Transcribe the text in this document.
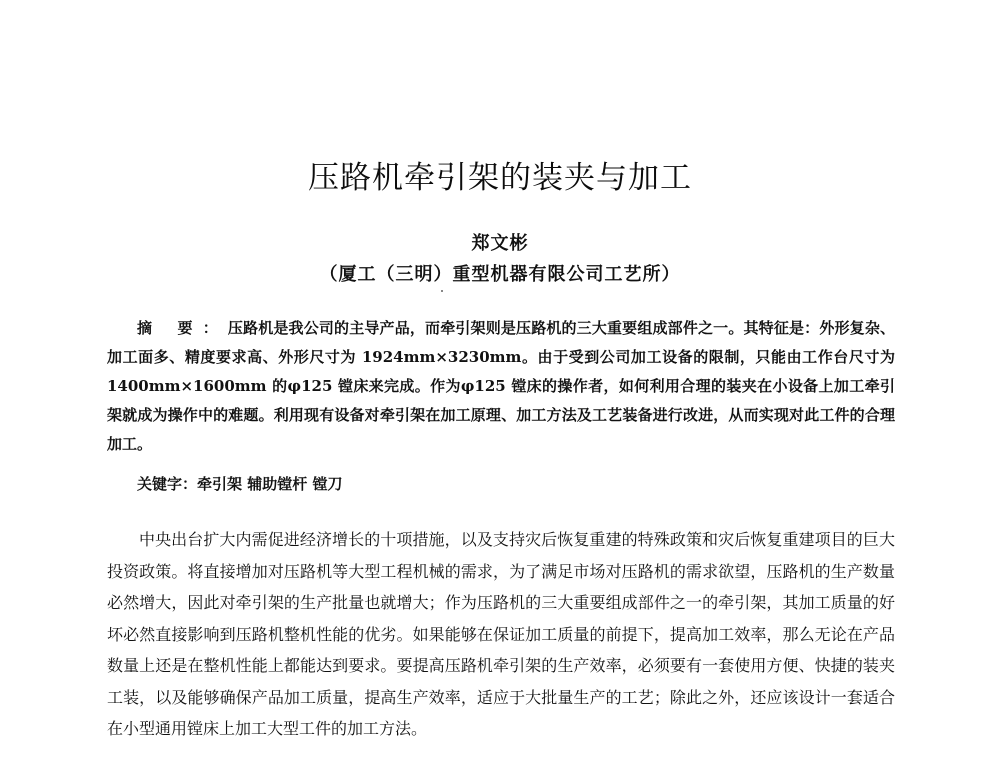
压路机牵引架的装夹与加工
郑文彬
（厦工（三明）重型机器有限公司工艺所）
摘 要：压路机是我公司的主导产品，而牵引架则是压路机的三大重要组成部件之一。其特征是：外形复杂、加工面多、精度要求高、外形尺寸为 1924mm×3230mm。由于受到公司加工设备的限制，只能由工作台尺寸为 1400mm×1600mm 的φ125 镗床来完成。作为φ125 镗床的操作者，如何利用合理的装夹在小设备上加工牵引架就成为操作中的难题。利用现有设备对牵引架在加工原理、加工方法及工艺装备进行改进，从而实现对此工件的合理加工。
关键字：牵引架 辅助镗杆 镗刀
中央出台扩大内需促进经济增长的十项措施，以及支持灾后恢复重建的特殊政策和灾后恢复重建项目的巨大投资政策。将直接增加对压路机等大型工程机械的需求，为了满足市场对压路机的需求欲望，压路机的生产数量必然增大，因此对牵引架的生产批量也就增大；作为压路机的三大重要组成部件之一的牵引架，其加工质量的好坏必然直接影响到压路机整机性能的优劣。如果能够在保证加工质量的前提下，提高加工效率，那么无论在产品数量上还是在整机性能上都能达到要求。要提高压路机牵引架的生产效率，必须要有一套使用方便、快捷的装夹工装，以及能够确保产品加工质量，提高生产效率，适应于大批量生产的工艺；除此之外，还应该设计一套适合在小型通用镗床上加工大型工件的加工方法。
